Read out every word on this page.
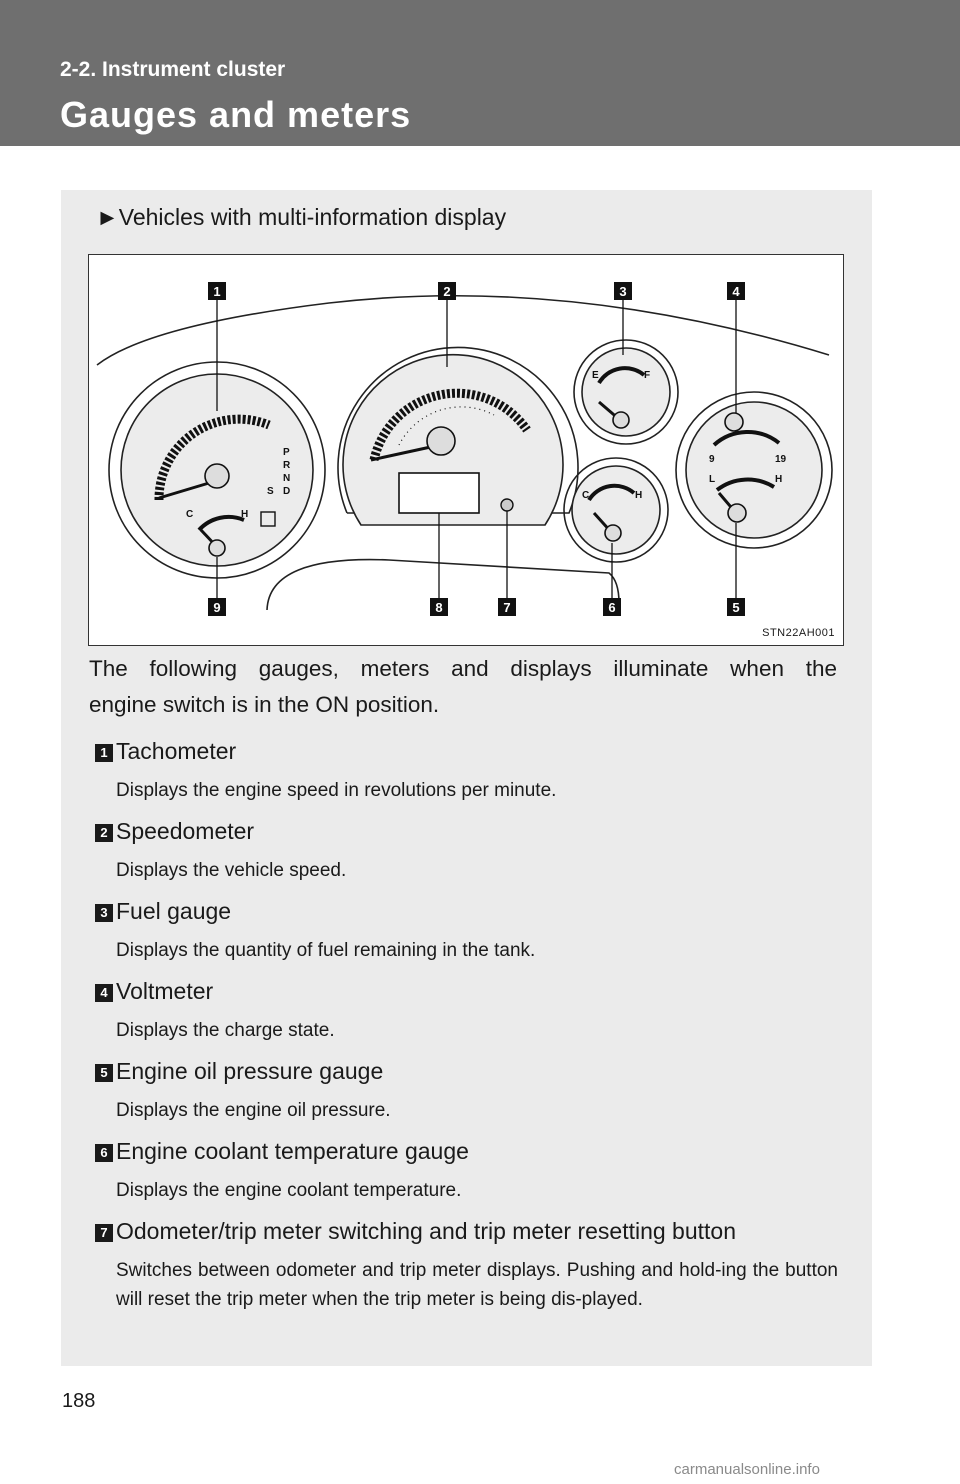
2-2. Instrument cluster
Gauges and meters
►Vehicles with multi-information display
P
R
N
D
S
C	H
E	F
C	H
9	19
L	H
1	2	3	4
5
6
7
8
9
STN22AH001
The following gauges, meters and displays illuminate when the
engine switch is in the ON position.
1 Tachometer
Displays the engine speed in revolutions per minute.
2 Speedometer
Displays the vehicle speed.
3 Fuel gauge
Displays the quantity of fuel remaining in the tank.
4 Voltmeter
Displays the charge state.
5 Engine oil pressure gauge
Displays the engine oil pressure.
6 Engine coolant temperature gauge
Displays the engine coolant temperature.
7 Odometer/trip meter switching and trip meter resetting button
Switches between odometer and trip meter displays. Pushing and hold-ing the button will reset the trip meter when the trip meter is being dis-played.
188
carmanualsonline.info
